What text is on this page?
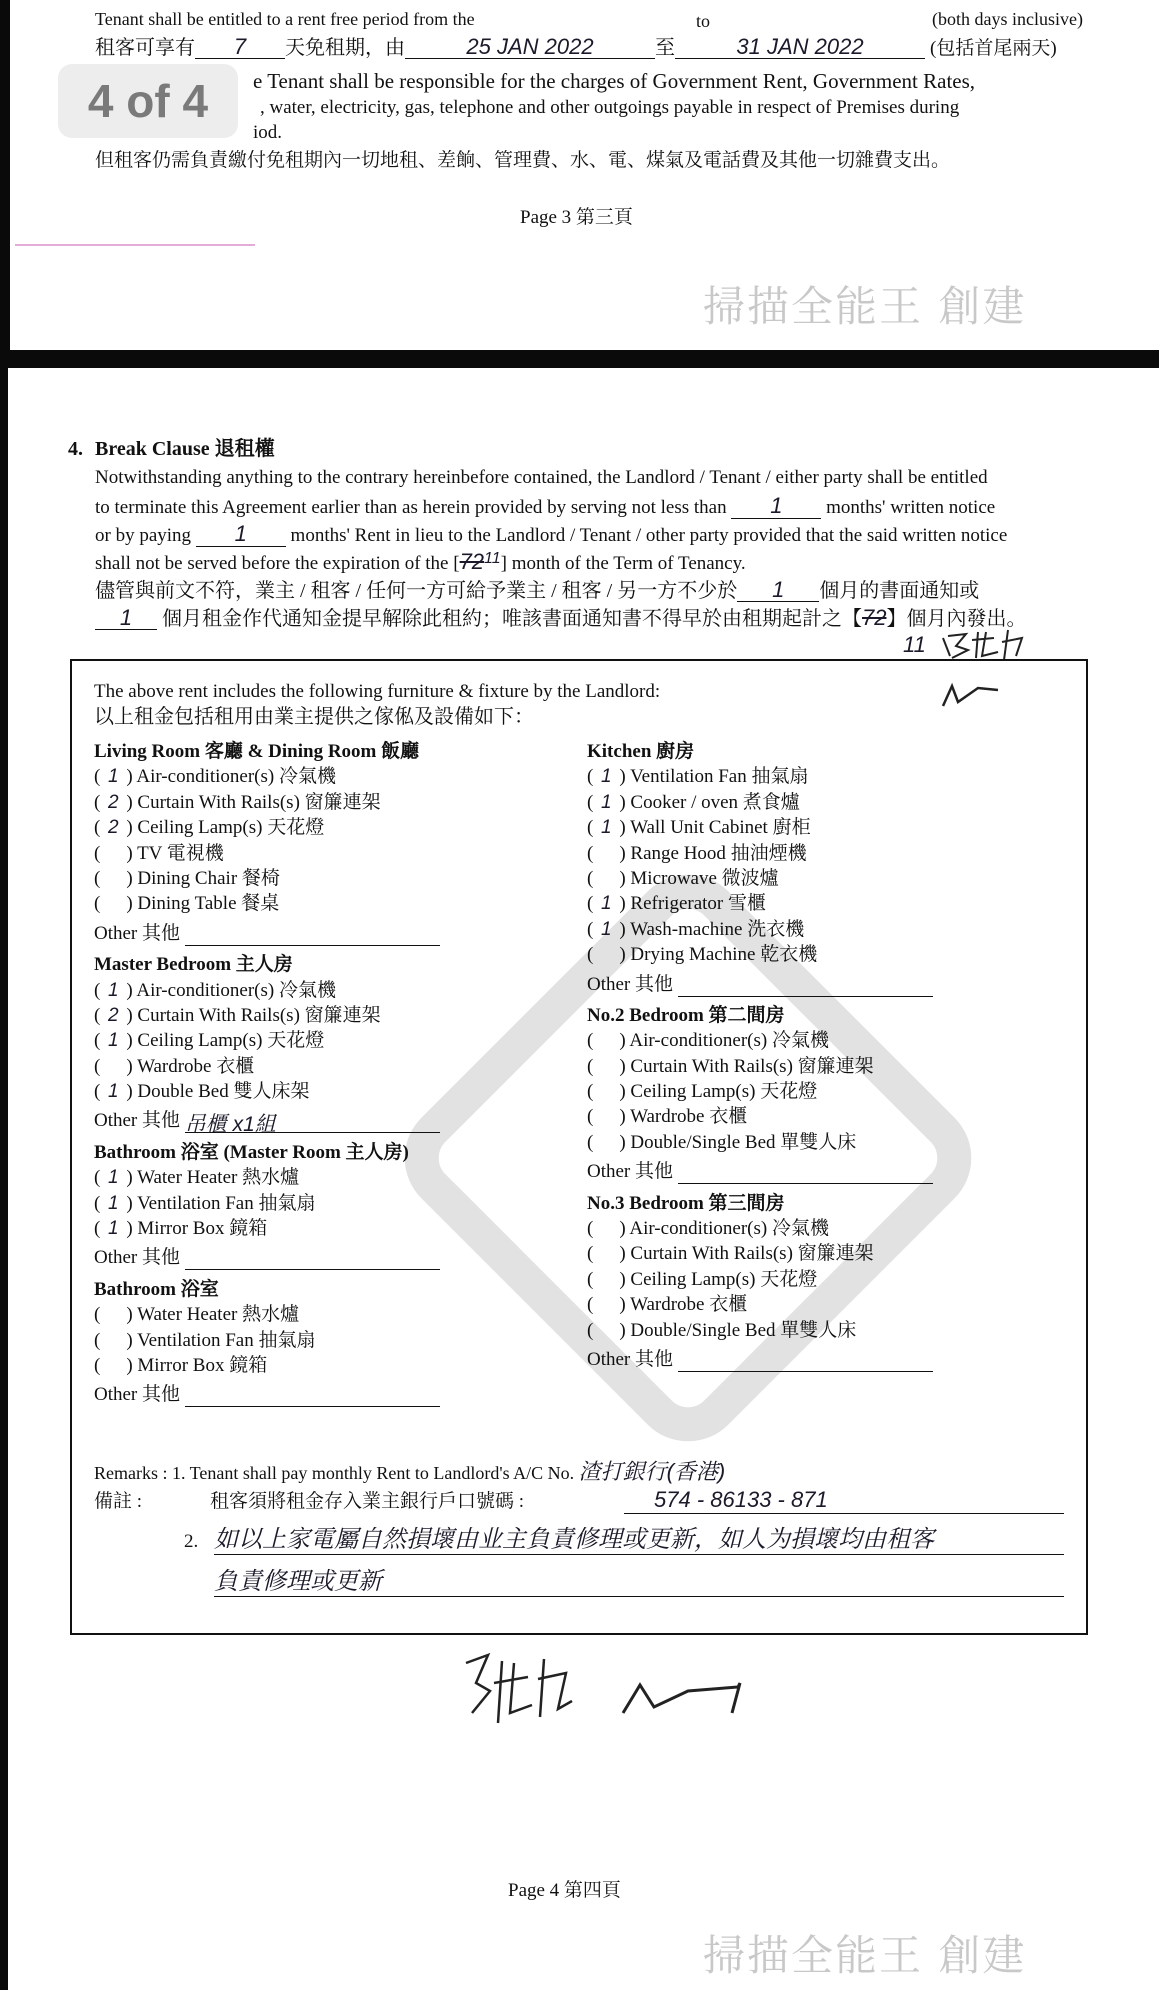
Tenant shall be entitled to a rent free period from the	to	(both days inclusive)
租客可享有 7 天免租期，由	25 JAN 2022	至	31 JAN 2022	(包括首尾兩天)
e Tenant shall be responsible for the charges of Government Rent, Government Rates,
, water, electricity, gas, telephone and other outgoings payable in respect of Premises during
iod.
但租客仍需負責繳付免租期內一切地租、差餉、管理費、水、電、煤氣及電話費及其他一切雜費支出。
Page 3 第三頁
掃描全能王 創建
4 of 4
4. Break Clause 退租權
Notwithstanding anything to the contrary hereinbefore contained, the Landlord / Tenant / either party shall be entitled
to terminate this Agreement earlier than as herein provided by serving not less than 1 months' written notice
or by paying 1 months' Rent in lieu to the Landlord / Tenant / other party provided that the said written notice
shall not be served before the expiration of the $[72^{11}]$ month of the Term of Tenancy.
儘管與前文不符，業主 / 租客 / 任何一方可給予業主 / 租客 / 另一方不少於 1 個月的書面通知或
1 個月租金作代通知金提早解除此租約；唯該書面通知書不得早於由租期起計之【72】個月內發出。
11
The above rent includes the following furniture & fixture by the Landlord:
以上租金包括租用由業主提供之傢俬及設備如下：
Living Room 客廳 & Dining Room 飯廳
( 1 ) Air-conditioner(s) 冷氣機
( 2 ) Curtain With Rails(s) 窗簾連架
( 2 ) Ceiling Lamp(s) 天花燈
( ) TV 電視機
( ) Dining Chair 餐椅
( ) Dining Table 餐桌
Other 其他
Master Bedroom 主人房
( 1 ) Air-conditioner(s) 冷氣機
( 2 ) Curtain With Rails(s) 窗簾連架
( 1 ) Ceiling Lamp(s) 天花燈
( ) Wardrobe 衣櫃
( 1 ) Double Bed 雙人床架
Other 其他 吊櫃 x1組
Bathroom 浴室 (Master Room 主人房)
( 1 ) Water Heater 熱水爐
( 1 ) Ventilation Fan 抽氣扇
( 1 ) Mirror Box 鏡箱
Other 其他
Bathroom 浴室
( ) Water Heater 熱水爐
( ) Ventilation Fan 抽氣扇
( ) Mirror Box 鏡箱
Other 其他
Kitchen 廚房
( 1 ) Ventilation Fan 抽氣扇
( 1 ) Cooker / oven 煮食爐
( 1 ) Wall Unit Cabinet 廚柜
( ) Range Hood 抽油煙機
( ) Microwave 微波爐
( 1 ) Refrigerator 雪櫃
( 1 ) Wash-machine 洗衣機
( ) Drying Machine 乾衣機
Other 其他
No.2 Bedroom 第二間房
( ) Air-conditioner(s) 冷氣機
( ) Curtain With Rails(s) 窗簾連架
( ) Ceiling Lamp(s) 天花燈
( ) Wardrobe 衣櫃
( ) Double/Single Bed 單雙人床
Other 其他
No.3 Bedroom 第三間房
( ) Air-conditioner(s) 冷氣機
( ) Curtain With Rails(s) 窗簾連架
( ) Ceiling Lamp(s) 天花燈
( ) Wardrobe 衣櫃
( ) Double/Single Bed 單雙人床
Other 其他
Remarks : 1. Tenant shall pay monthly Rent to Landlord's A/C No. 渣打銀行(香港)
備註 :	租客須將租金存入業主銀行戶口號碼 :	574 - 86133 - 871
2. 如以上家電屬自然損壞由业主負責修理或更新，如人为損壞均由租客
負責修理或更新
Page 4 第四頁
掃描全能王 創建
